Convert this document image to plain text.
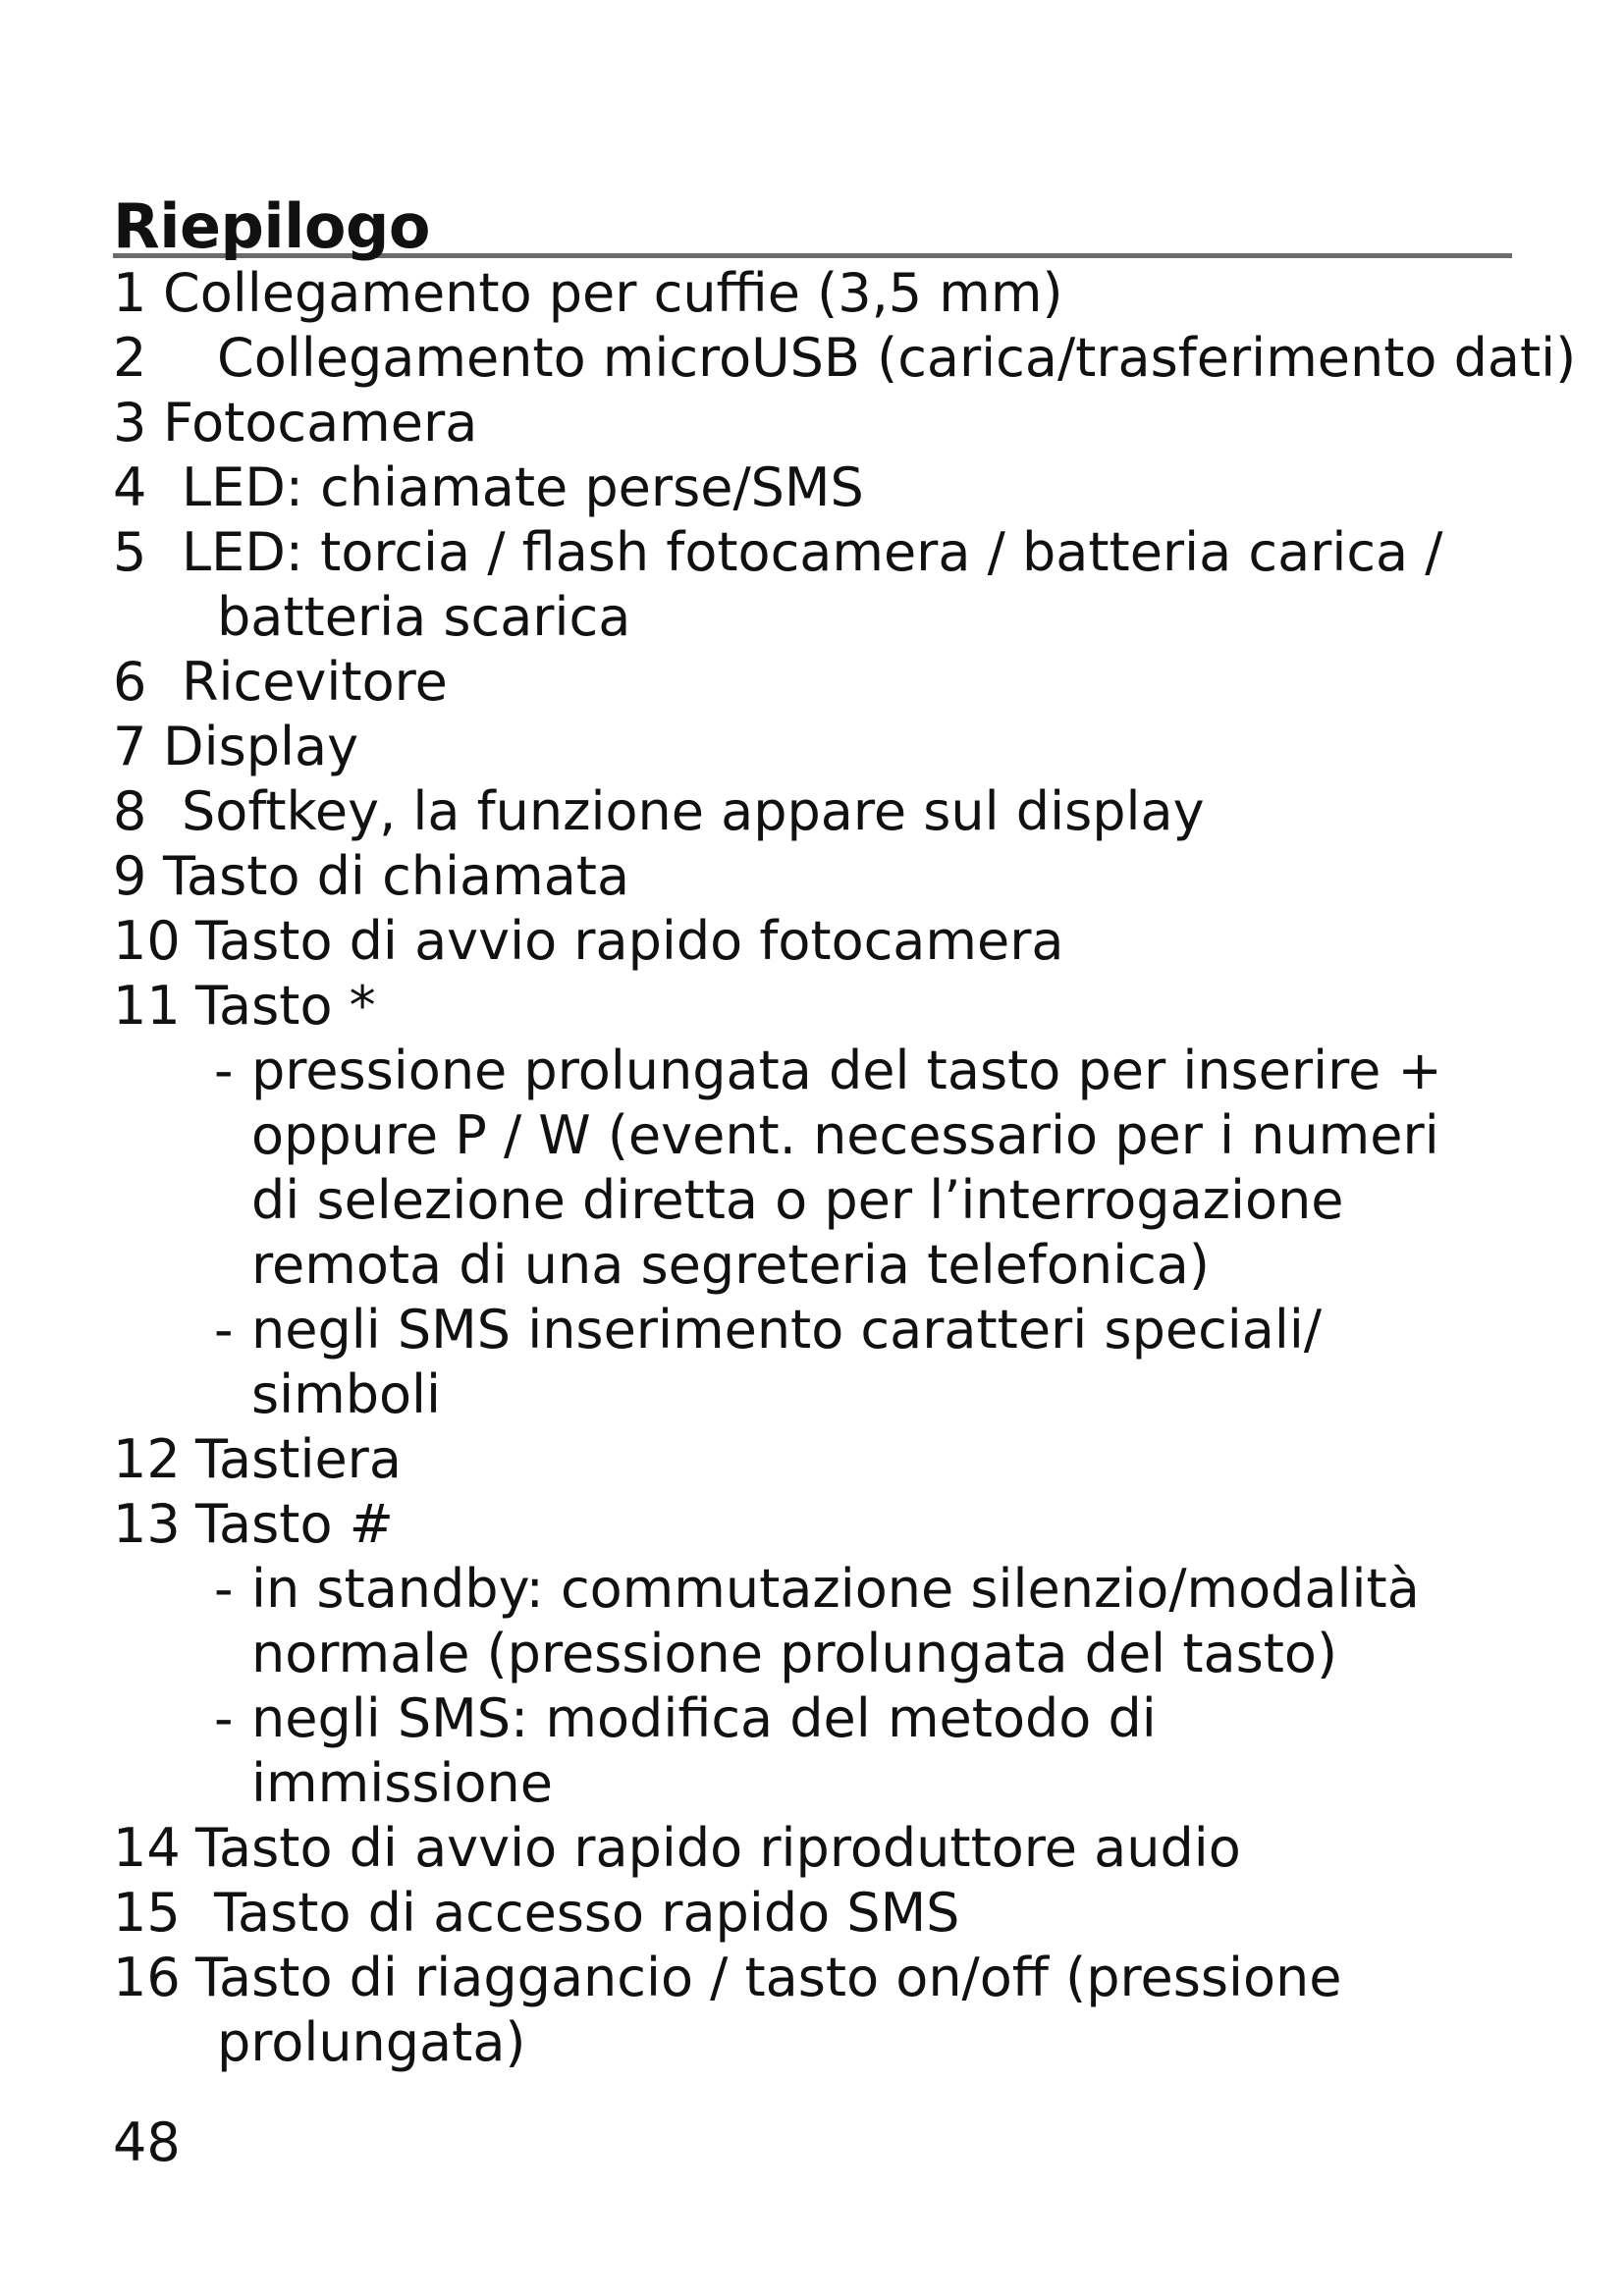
Riepilogo
1 Collegamento per cuffie (3,5 mm)
2 Collegamento microUSB (carica/trasferimento dati)
3 Fotocamera
4 LED: chiamate perse/SMS
5 LED: torcia / flash fotocamera / batteria carica /
batteria scarica
6 Ricevitore
7 Display
8 Softkey, la funzione appare sul display
9 Tasto di chiamata
10 Tasto di avvio rapido fotocamera
11 Tasto *
- pressione prolungata del tasto per inserire +
oppure P / W (event. necessario per i numeri
di selezione diretta o per l’interrogazione
remota di una segreteria telefonica)
- negli SMS inserimento caratteri speciali/
simboli
12 Tastiera
13 Tasto #
- in standby: commutazione silenzio/modalità
normale (pressione prolungata del tasto)
- negli SMS: modifica del metodo di
immissione
14 Tasto di avvio rapido riproduttore audio
15 Tasto di accesso rapido SMS
16 Tasto di riaggancio / tasto on/off (pressione
prolungata)
48
